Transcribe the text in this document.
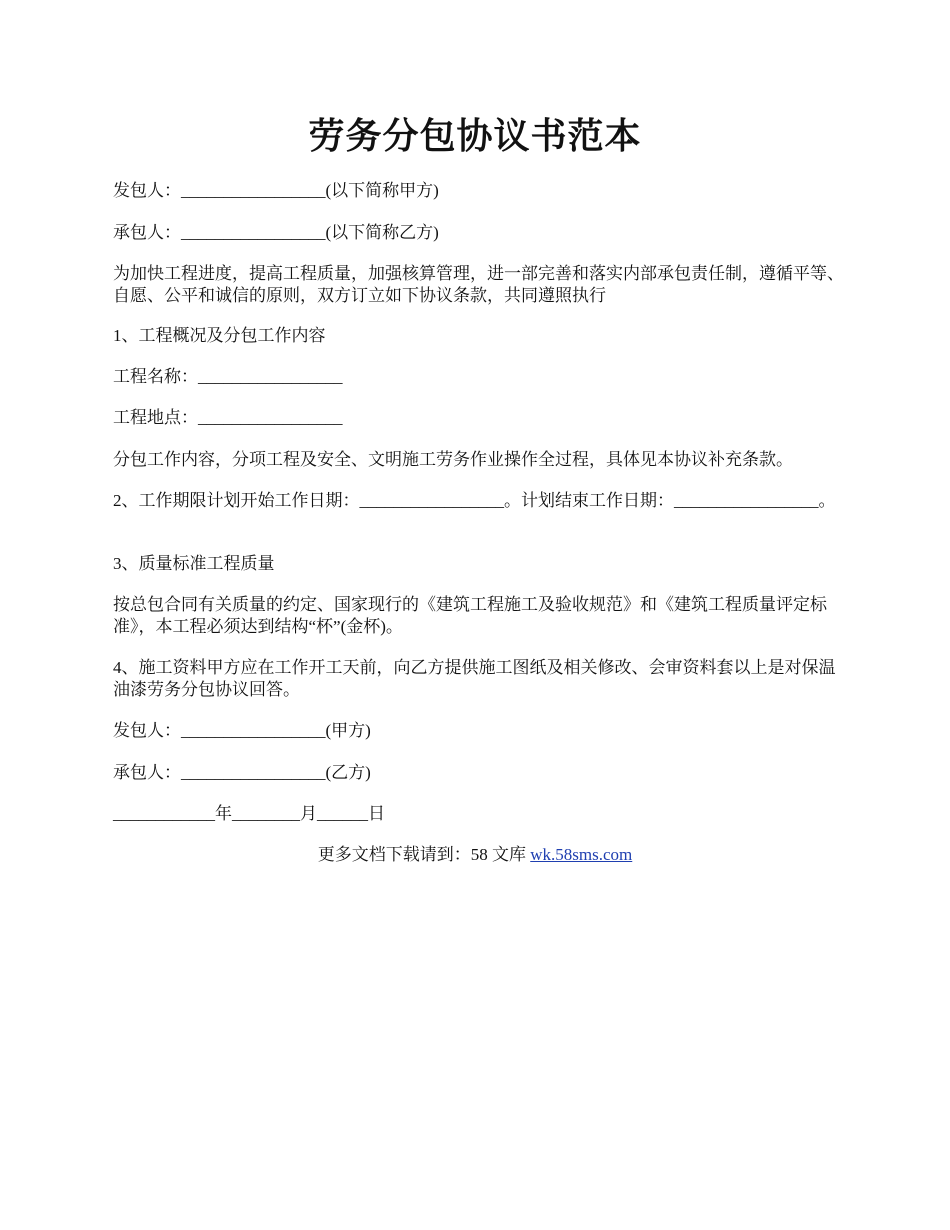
劳务分包协议书范本

发包人：_________________(以下简称甲方)

承包人：_________________(以下简称乙方)

为加快工程进度，提高工程质量，加强核算管理，进一部完善和落实内部承包责任制，遵循平等、自愿、公平和诚信的原则，双方订立如下协议条款，共同遵照执行

1、工程概况及分包工作内容

工程名称：_________________

工程地点：_________________

分包工作内容，分项工程及安全、文明施工劳务作业操作全过程，具体见本协议补充条款。

2、工作期限计划开始工作日期：_________________。计划结束工作日期：_________________。

3、质量标准工程质量

按总包合同有关质量的约定、国家现行的《建筑工程施工及验收规范》和《建筑工程质量评定标准》，本工程必须达到结构“杯”(金杯)。

4、施工资料甲方应在工作开工天前，向乙方提供施工图纸及相关修改、会审资料套以上是对保温油漆劳务分包协议回答。

发包人：_________________(甲方)

承包人：_________________(乙方)

____________年________月______日

更多文档下载请到：58 文库 wk.58sms.com
